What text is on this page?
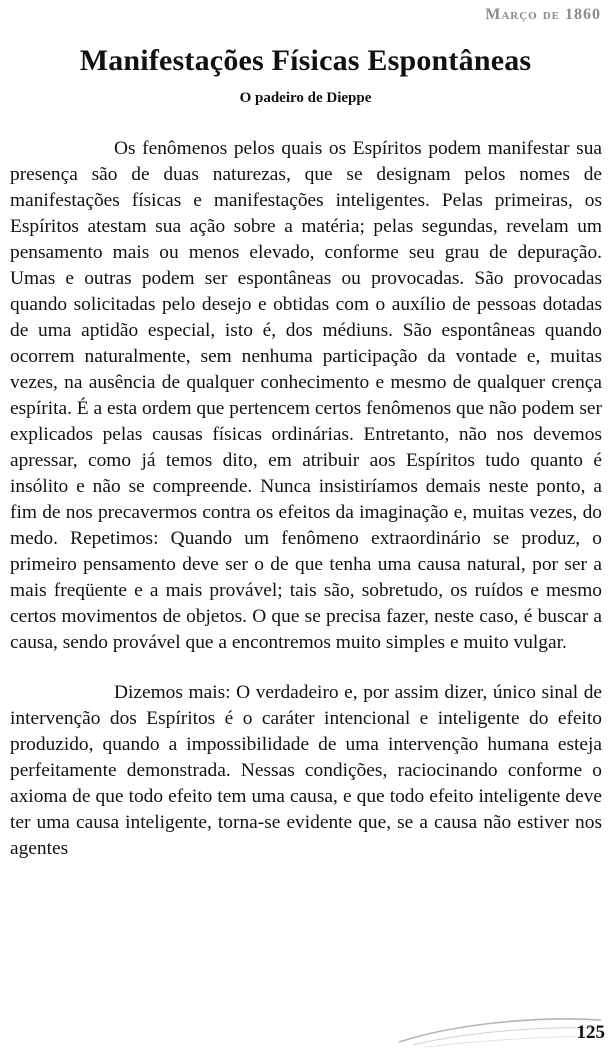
Março de 1860
Manifestações Físicas Espontâneas
O padeiro de Dieppe

Os fenômenos pelos quais os Espíritos podem manifestar sua presença são de duas naturezas, que se designam pelos nomes de manifestações físicas e manifestações inteligentes. Pelas primeiras, os Espíritos atestam sua ação sobre a matéria; pelas segundas, revelam um pensamento mais ou menos elevado, conforme seu grau de depuração. Umas e outras podem ser espontâneas ou provocadas. São provocadas quando solicitadas pelo desejo e obtidas com o auxílio de pessoas dotadas de uma aptidão especial, isto é, dos médiuns. São espontâneas quando ocorrem naturalmente, sem nenhuma participação da vontade e, muitas vezes, na ausência de qualquer conhecimento e mesmo de qualquer crença espírita. É a esta ordem que pertencem certos fenômenos que não podem ser explicados pelas causas físicas ordinárias. Entretanto, não nos devemos apressar, como já temos dito, em atribuir aos Espíritos tudo quanto é insólito e não se compreende. Nunca insistiríamos demais neste ponto, a fim de nos precavermos contra os efeitos da imaginação e, muitas vezes, do medo. Repetimos: Quando um fenômeno extraordinário se produz, o primeiro pensamento deve ser o de que tenha uma causa natural, por ser a mais freqüente e a mais provável; tais são, sobretudo, os ruídos e mesmo certos movimentos de objetos. O que se precisa fazer, neste caso, é buscar a causa, sendo provável que a encontremos muito simples e muito vulgar.

Dizemos mais: O verdadeiro e, por assim dizer, único sinal de intervenção dos Espíritos é o caráter intencional e inteligente do efeito produzido, quando a impossibilidade de uma intervenção humana esteja perfeitamente demonstrada. Nessas condições, raciocinando conforme o axioma de que todo efeito tem uma causa, e que todo efeito inteligente deve ter uma causa inteligente, torna-se evidente que, se a causa não estiver nos agentes

125
